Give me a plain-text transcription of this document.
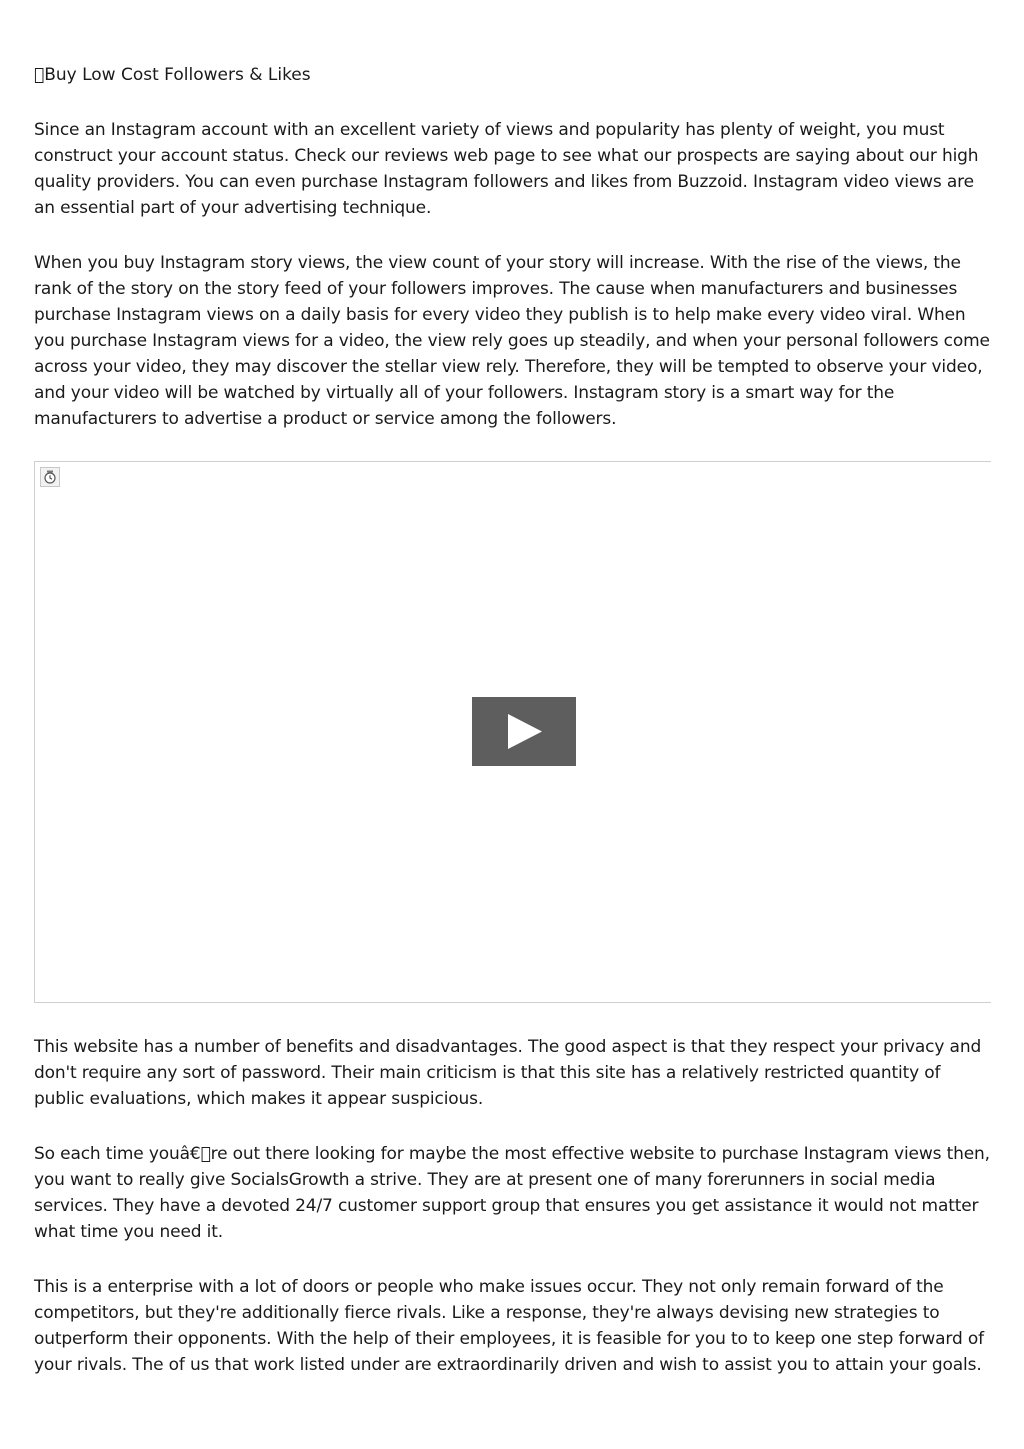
 Buy Low Cost Followers & Likes

Since an Instagram account with an excellent variety of views and popularity has plenty of weight, you must construct your account status. Check our reviews web page to see what our prospects are saying about our high quality providers. You can even purchase Instagram followers and likes from Buzzoid. Instagram video views are an essential part of your advertising technique.

When you buy Instagram story views, the view count of your story will increase. With the rise of the views, the rank of the story on the story feed of your followers improves. The cause when manufacturers and businesses purchase Instagram views on a daily basis for every video they publish is to help make every video viral. When you purchase Instagram views for a video, the view rely goes up steadily, and when your personal followers come across your video, they may discover the stellar view rely. Therefore, they will be tempted to observe your video, and your video will be watched by virtually all of your followers. Instagram story is a smart way for the manufacturers to advertise a product or service among the followers.

This website has a number of benefits and disadvantages. The good aspect is that they respect your privacy and don't require any sort of password. Their main criticism is that this site has a relatively restricted quantity of public evaluations, which makes it appear suspicious.

So each time youâ€ re out there looking for maybe the most effective website to purchase Instagram views then, you want to really give SocialsGrowth a strive. They are at present one of many forerunners in social media services. They have a devoted 24/7 customer support group that ensures you get assistance it would not matter what time you need it.

This is a enterprise with a lot of doors or people who make issues occur. They not only remain forward of the competitors, but they're additionally fierce rivals. Like a response, they're always devising new strategies to outperform their opponents. With the help of their employees, it is feasible for you to to keep one step forward of your rivals. The of us that work listed under are extraordinarily driven and wish to assist you to attain your goals.
